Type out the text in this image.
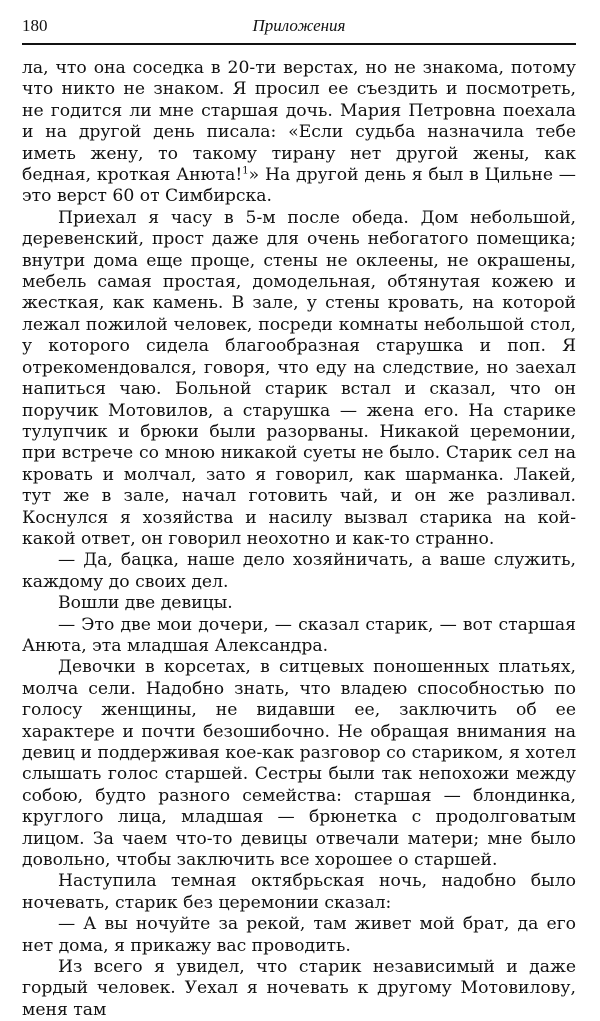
180	Приложения

ла, что она соседка в 20-ти верстах, но не знакома, потому что никто не знаком. Я просил ее съездить и посмотреть, не годится ли мне старшая дочь. Мария Петровна поехала и на другой день писала: «Если судьба назначила тебе иметь жену, то такому тирану нет другой жены, как бедная, кроткая Анюта!$^1$» На другой день я был в Цильне — это верст 60 от Симбирска.

Приехал я часу в 5-м после обеда. Дом небольшой, деревенский, прост даже для очень небогатого помещика; внутри дома еще проще, стены не оклеены, не окрашены, мебель самая простая, домодельная, обтянутая кожею и жесткая, как камень. В зале, у стены кровать, на которой лежал пожилой человек, посреди комнаты небольшой стол, у которого сидела благообразная старушка и поп. Я отрекомендовался, говоря, что еду на следствие, но заехал напиться чаю. Больной старик встал и сказал, что он поручик Мотовилов, а старушка — жена его. На старике тулупчик и брюки были разорваны. Никакой церемонии, при встрече со мною никакой суеты не было. Старик сел на кровать и молчал, зато я говорил, как шарманка. Лакей, тут же в зале, начал готовить чай, и он же разливал. Коснулся я хозяйства и насилу вызвал старика на кой-какой ответ, он говорил неохотно и как-то странно.

— Да, бацка, наше дело хозяйничать, а ваше служить, каждому до своих дел.

Вошли две девицы.

— Это две мои дочери, — сказал старик, — вот старшая Анюта, эта младшая Александра.

Девочки в корсетах, в ситцевых поношенных платьях, молча сели. Надобно знать, что владею способностью по голосу женщины, не видавши ее, заключить об ее характере и почти безошибочно. Не обращая внимания на девиц и поддерживая кое-как разговор со стариком, я хотел слышать голос старшей. Сестры были так непохожи между собою, будто разного семейства: старшая — блондинка, круглого лица, младшая — брюнетка с продолговатым лицом. За чаем что-то девицы отвечали матери; мне было довольно, чтобы заключить все хорошее о старшей.

Наступила темная октябрьская ночь, надобно было ночевать, старик без церемонии сказал:

— А вы ночуйте за рекой, там живет мой брат, да его нет дома, я прикажу вас проводить.

Из всего я увидел, что старик независимый и даже гордый человек. Уехал я ночевать к другому Мотовилову, меня там
